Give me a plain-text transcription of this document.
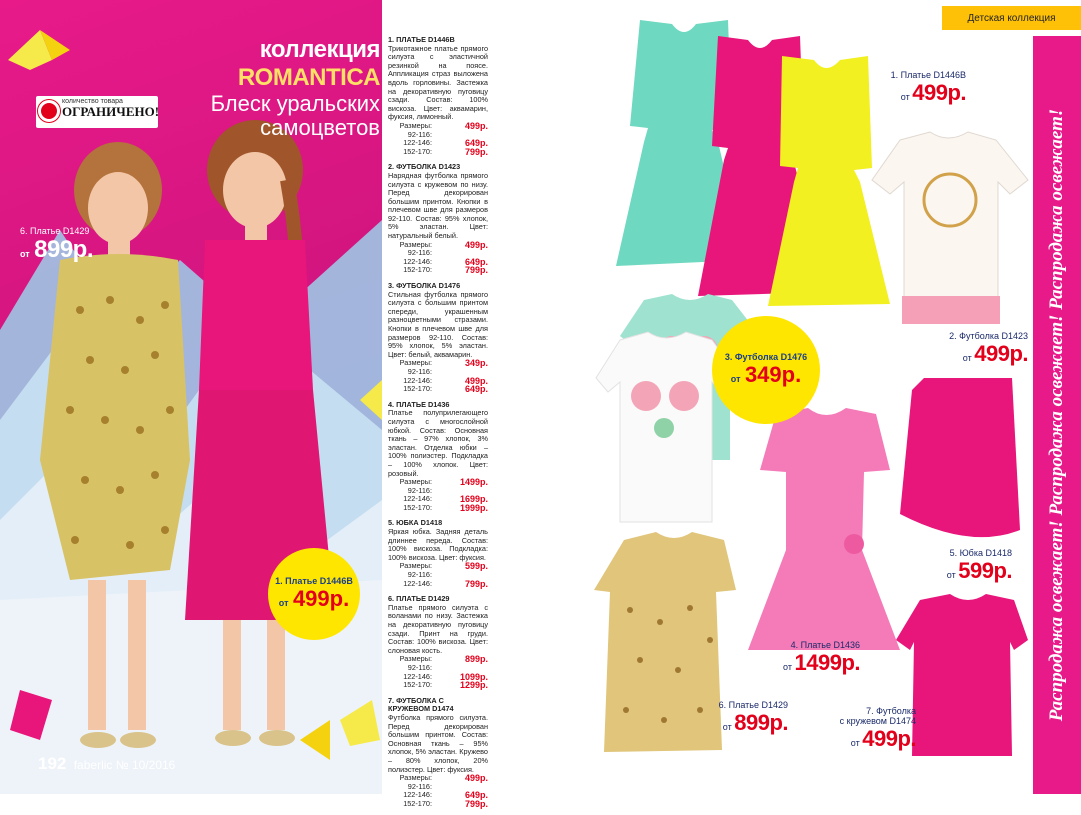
коллекция ROMANTICA
Блеск уральских
самоцветов
количество товара
ОГРАНИЧЕНО!
6. Платье D1429
от 899р.
1. Платье D1446B
от 499р.
192 faberlic № 10/2016
1. ПЛАТЬЕ D1446B
Трикотажное платье прямого силуэта с эластичной резинкой на поясе. Аппликация страз выложена вдоль горловины. Застежка на декоративную пуговицу сзади. Состав: 100% вискоза. Цвет: аквамарин, фуксия, лимонный.
Размеры: 92-116:
499р.
122-146:	649р.
152-170:	799р.
2. ФУТБОЛКА D1423
Нарядная футболка прямого силуэта с кружевом по низу. Перед декорирован большим принтом. Кнопки в плечевом шве для размеров 92-110. Состав: 95% хлопок, 5% эластан. Цвет: натуральный белый.
Размеры: 92-116:
499р.
122-146:	649р.
152-170:	799р.
3. ФУТБОЛКА D1476
Стильная футболка прямого силуэта с большим принтом спереди, украшенным разноцветными стразами. Кнопки в плечевом шве для размеров 92-110. Состав: 95% хлопок, 5% эластан. Цвет: белый, аквамарин.
Размеры: 92-116:
349р.
122-146:	499р.
152-170:	649р.
4. ПЛАТЬЕ D1436
Платье полуприлегающего силуэта с многослойной юбкой. Состав: Основная ткань – 97% хлопок, 3% эластан. Отделка юбки – 100% полиэстер. Подкладка – 100% хлопок. Цвет: розовый.
Размеры: 92-116:
1499р.
122-146:	1699р.
152-170:	1999р.
5. ЮБКА D1418
Яркая юбка. Задняя деталь длиннее переда. Состав: 100% вискоза. Подкладка: 100% вискоза. Цвет: фуксия.
Размеры: 92-116:
599р.
122-146:	799р.
6. ПЛАТЬЕ D1429
Платье прямого силуэта с воланами по низу. Застежка на декоративную пуговицу сзади. Принт на груди. Состав: 100% вискоза. Цвет: слоновая кость.
Размеры: 92-116:
899р.
122-146:	1099р.
152-170:	1299р.
7. ФУТБОЛКА С КРУЖЕВОМ D1474
Футболка прямого силуэта. Перед декорирован большим принтом. Состав: Основная ткань – 95% хлопок, 5% эластан. Кружево – 80% хлопок, 20% полиэстер. Цвет: фуксия.
Размеры: 92-116:
499р.
122-146:	649р.
152-170:	799р.
Детская коллекция
Распродажа освежает! Распродажа освежает! Распродажа освежает!
1. Платье D1446B
от 499р.
2. Футболка D1423
от 499р.
3. Футболка D1476
от 349р.
4. Платье D1436
от 1499р.
5. Юбка D1418
от 599р.
6. Платье D1429
от 899р.	7. Футболка
с кружевом D1474
от 499р.
